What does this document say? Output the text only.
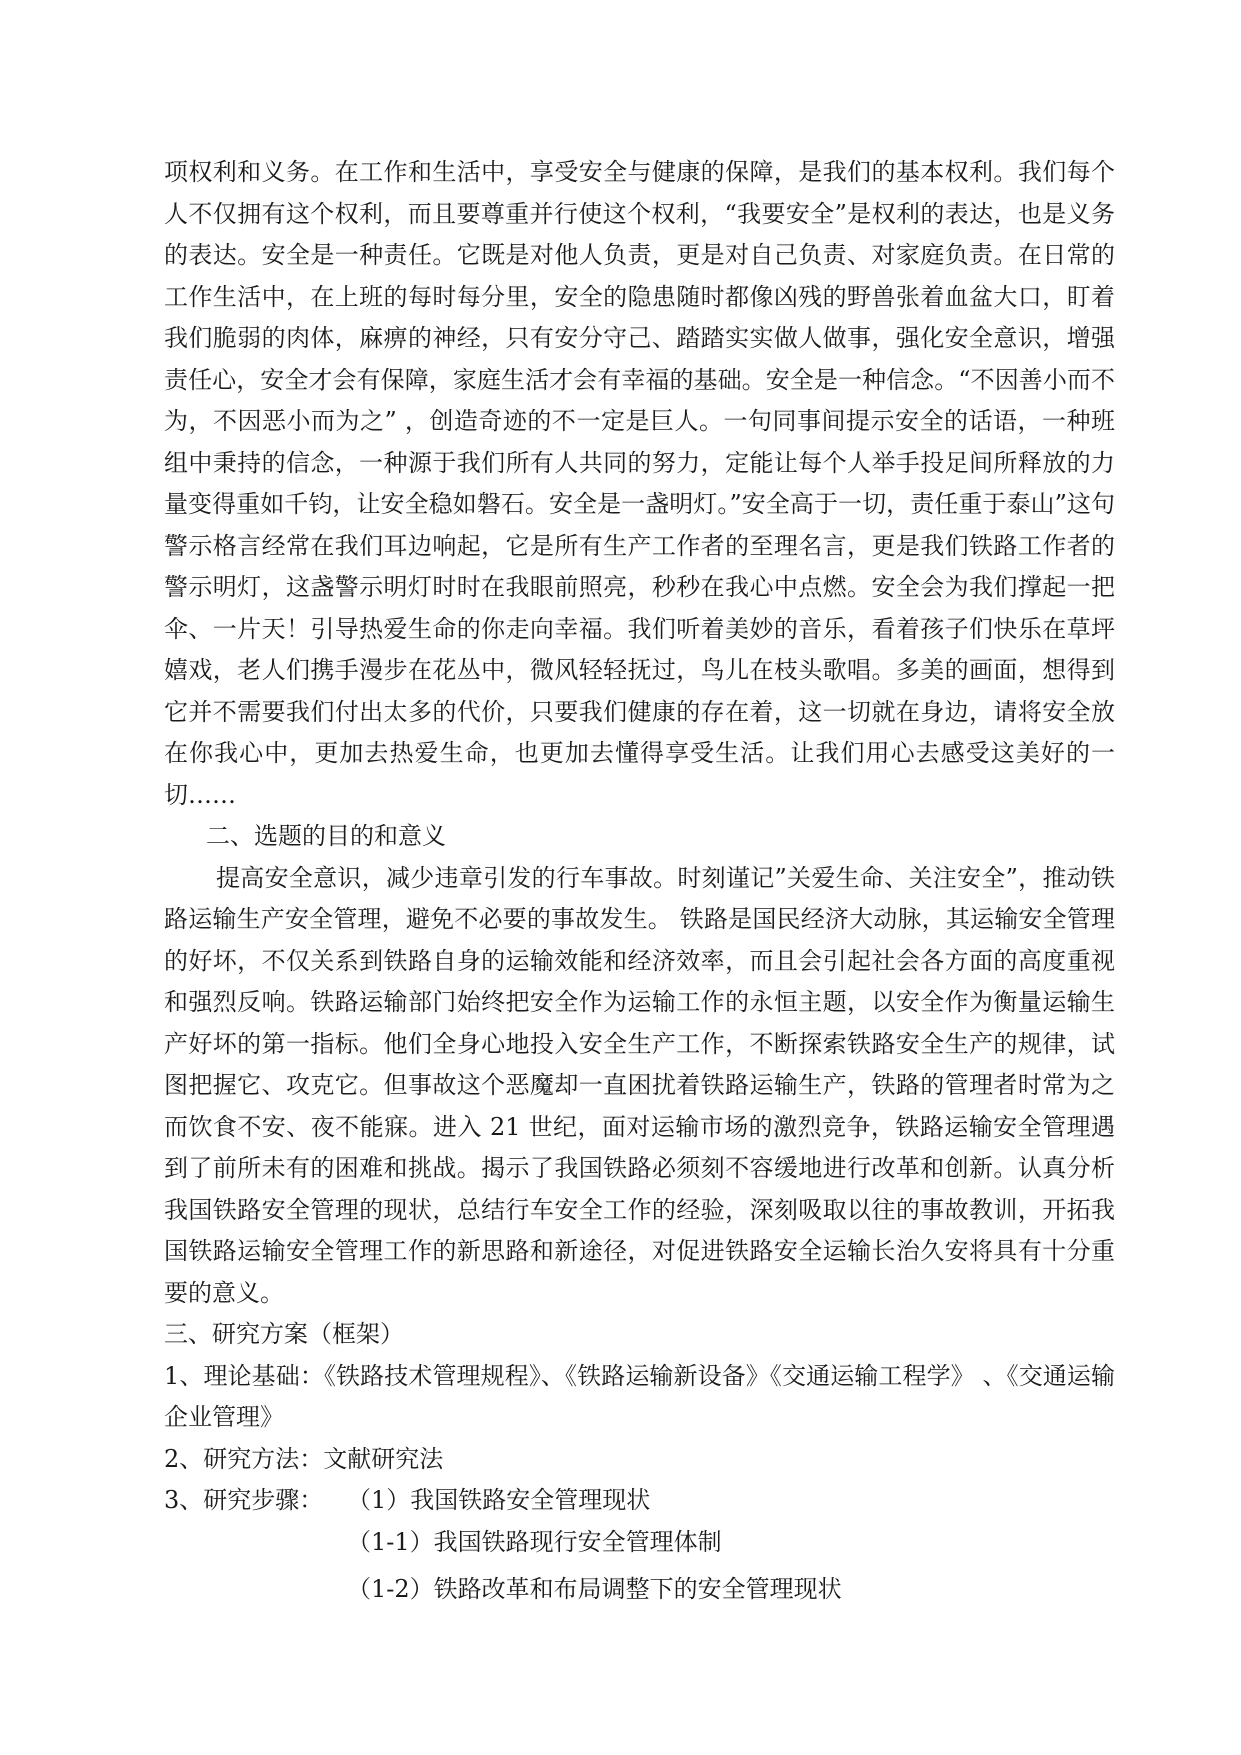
项权利和义务。在工作和生活中，享受安全与健康的保障，是我们的基本权利。我们每个人不仅拥有这个权利，而且要尊重并行使这个权利，“我要安全”是权利的表达，也是义务的表达。安全是一种责任。它既是对他人负责，更是对自己负责、对家庭负责。在日常的工作生活中，在上班的每时每分里，安全的隐患随时都像凶残的野兽张着血盆大口，盯着我们脆弱的肉体，麻痹的神经，只有安分守己、踏踏实实做人做事，强化安全意识，增强责任心，安全才会有保障，家庭生活才会有幸福的基础。安全是一种信念。“不因善小而不为，不因恶小而为之” ，创造奇迹的不一定是巨人。一句同事间提示安全的话语，一种班组中秉持的信念，一种源于我们所有人共同的努力，定能让每个人举手投足间所释放的力量变得重如千钧，让安全稳如磐石。安全是一盏明灯。”安全高于一切，责任重于泰山”这句警示格言经常在我们耳边响起，它是所有生产工作者的至理名言，更是我们铁路工作者的警示明灯，这盏警示明灯时时在我眼前照亮，秒秒在我心中点燃。安全会为我们撑起一把伞、一片天！引导热爱生命的你走向幸福。我们听着美妙的音乐，看着孩子们快乐在草坪嬉戏，老人们携手漫步在花丛中，微风轻轻抚过，鸟儿在枝头歌唱。多美的画面，想得到它并不需要我们付出太多的代价，只要我们健康的存在着，这一切就在身边，请将安全放在你我心中，更加去热爱生命，也更加去懂得享受生活。让我们用心去感受这美好的一切……

二、选题的目的和意义

提高安全意识，减少违章引发的行车事故。时刻谨记”关爱生命、关注安全”，推动铁路运输生产安全管理，避免不必要的事故发生。 铁路是国民经济大动脉，其运输安全管理的好坏，不仅关系到铁路自身的运输效能和经济效率，而且会引起社会各方面的高度重视和强烈反响。铁路运输部门始终把安全作为运输工作的永恒主题，以安全作为衡量运输生产好坏的第一指标。他们全身心地投入安全生产工作，不断探索铁路安全生产的规律，试图把握它、攻克它。但事故这个恶魔却一直困扰着铁路运输生产，铁路的管理者时常为之而饮食不安、夜不能寐。进入 21 世纪，面对运输市场的激烈竞争，铁路运输安全管理遇到了前所未有的困难和挑战。揭示了我国铁路必须刻不容缓地进行改革和创新。认真分析我国铁路安全管理的现状，总结行车安全工作的经验，深刻吸取以往的事故教训，开拓我国铁路运输安全管理工作的新思路和新途径，对促进铁路安全运输长治久安将具有十分重要的意义。

三、研究方案（框架）

1、理论基础：《铁路技术管理规程》、《铁路运输新设备》《交通运输工程学》 、《交通运输企业管理》

2、研究方法：文献研究法

3、研究步骤： （1）我国铁路安全管理现状

（1-1）我国铁路现行安全管理体制

（1-2）铁路改革和布局调整下的安全管理现状
